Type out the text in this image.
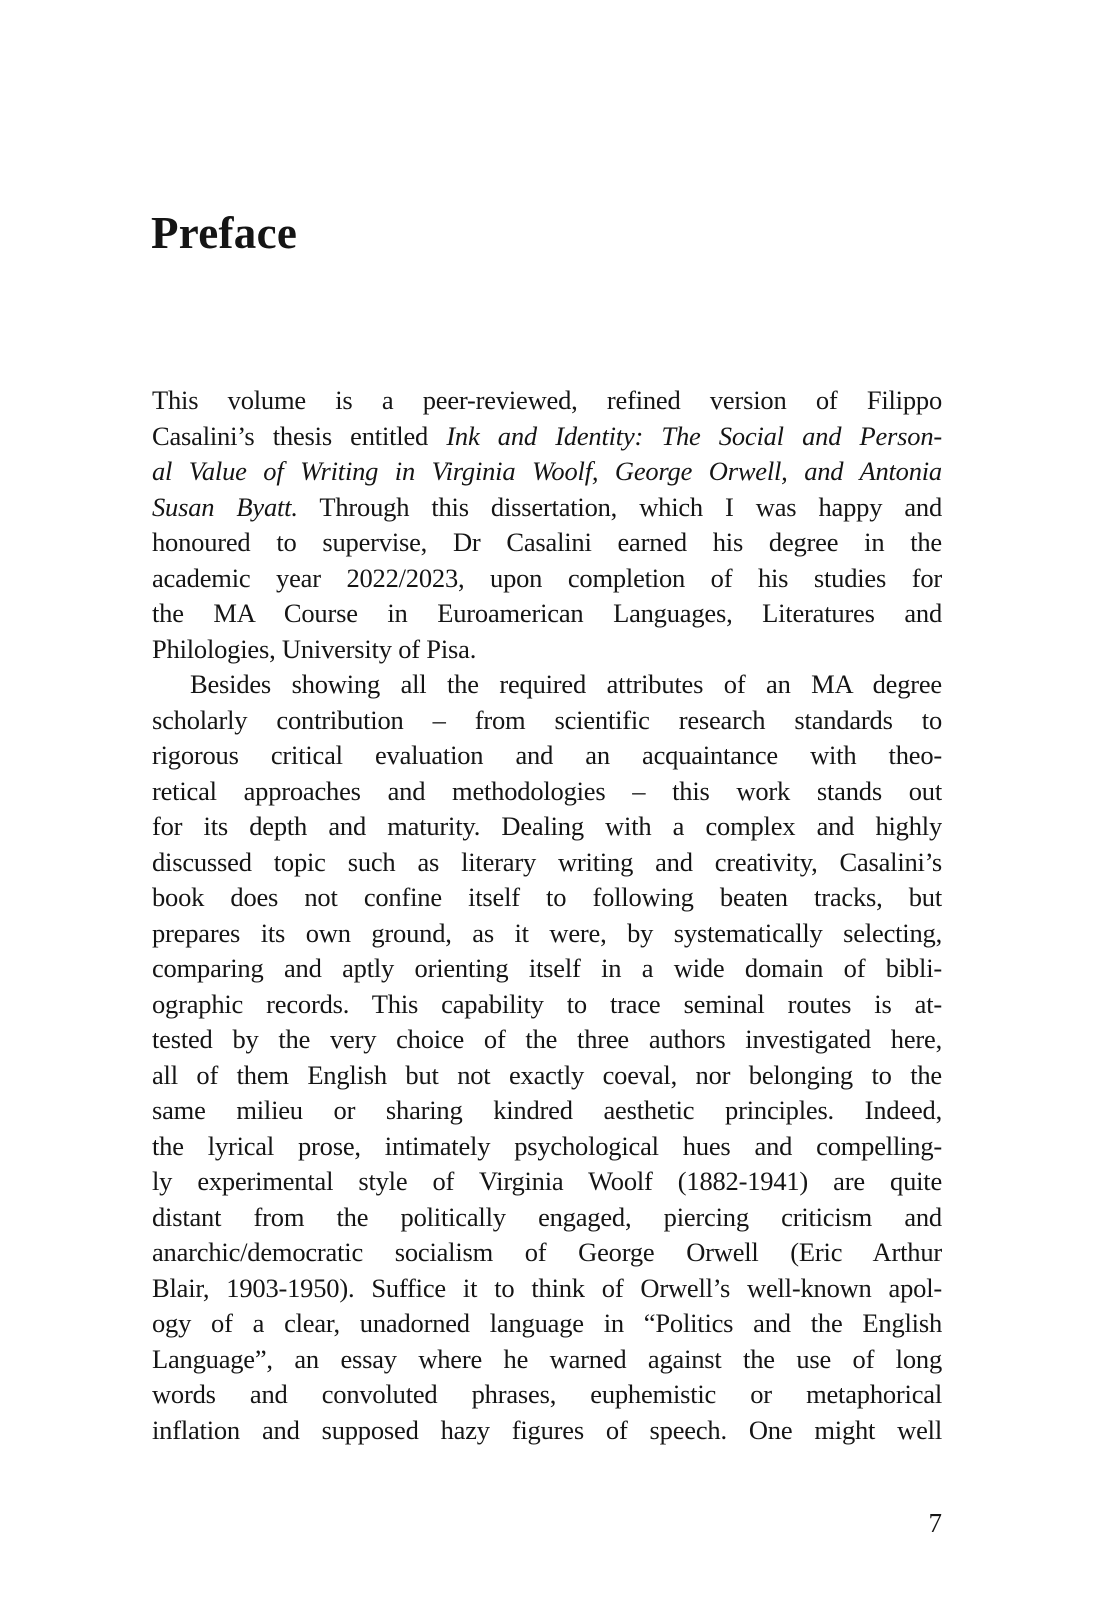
Preface
This volume is a peer-reviewed, refined version of Filippo
Casalini’s thesis entitled Ink and Identity: The Social and Person-
al Value of Writing in Virginia Woolf, George Orwell, and Antonia
Susan Byatt. Through this dissertation, which I was happy and
honoured to supervise, Dr Casalini earned his degree in the
academic year 2022/2023, upon completion of his studies for
the MA Course in Euroamerican Languages, Literatures and
Philologies, University of Pisa.
Besides showing all the required attributes of an MA degree
scholarly contribution – from scientific research standards to
rigorous critical evaluation and an acquaintance with theo-
retical approaches and methodologies – this work stands out
for its depth and maturity. Dealing with a complex and highly
discussed topic such as literary writing and creativity, Casalini’s
book does not confine itself to following beaten tracks, but
prepares its own ground, as it were, by systematically selecting,
comparing and aptly orienting itself in a wide domain of bibli-
ographic records. This capability to trace seminal routes is at-
tested by the very choice of the three authors investigated here,
all of them English but not exactly coeval, nor belonging to the
same milieu or sharing kindred aesthetic principles. Indeed,
the lyrical prose, intimately psychological hues and compelling-
ly experimental style of Virginia Woolf (1882-1941) are quite
distant from the politically engaged, piercing criticism and
anarchic/democratic socialism of George Orwell (Eric Arthur
Blair, 1903-1950). Suffice it to think of Orwell’s well-known apol-
ogy of a clear, unadorned language in “Politics and the English
Language”, an essay where he warned against the use of long
words and convoluted phrases, euphemistic or metaphorical
inflation and supposed hazy figures of speech. One might well
7
